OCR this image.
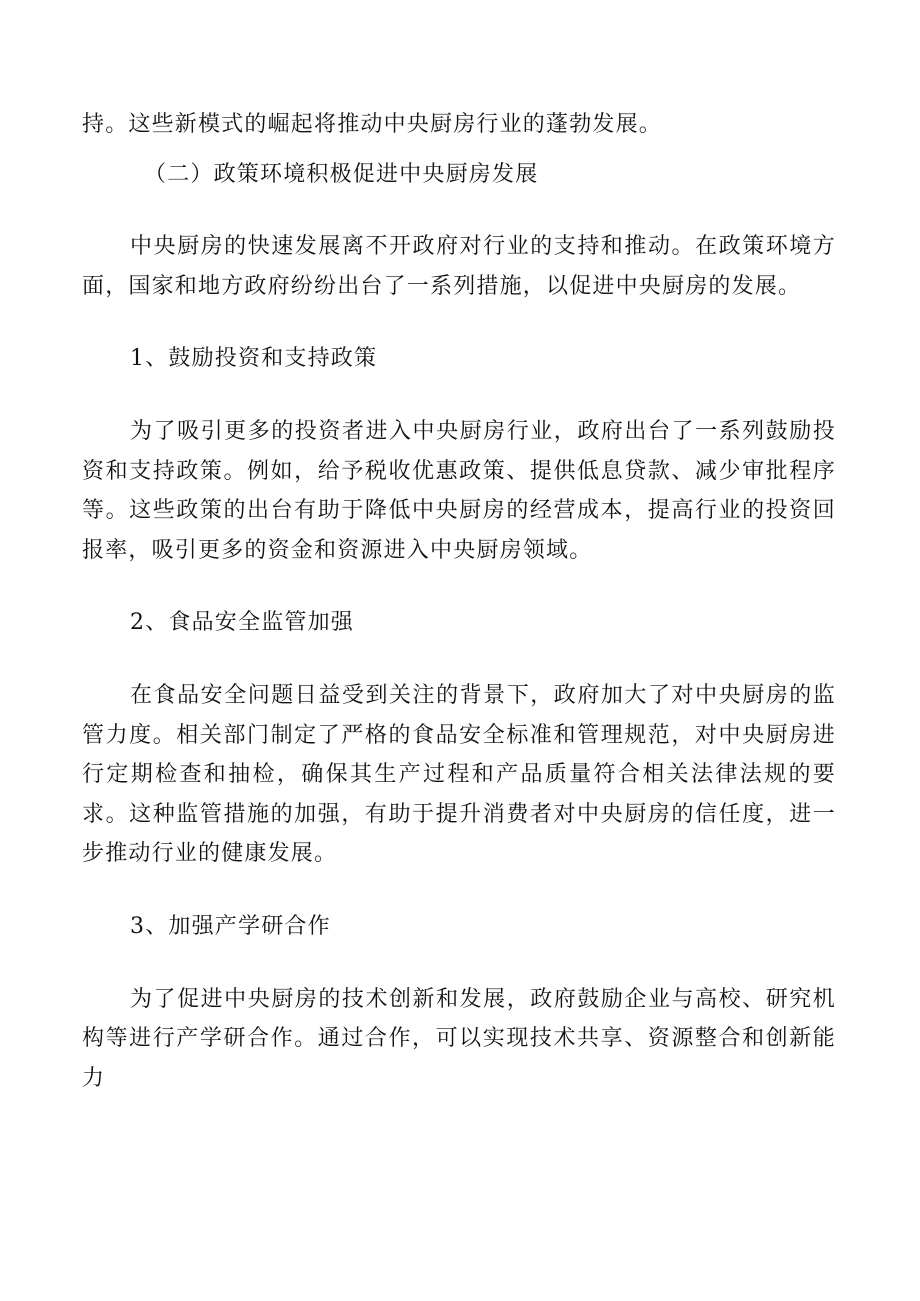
持。这些新模式的崛起将推动中央厨房行业的蓬勃发展。

（二）政策环境积极促进中央厨房发展

中央厨房的快速发展离不开政府对行业的支持和推动。在政策环境方面，国家和地方政府纷纷出台了一系列措施，以促进中央厨房的发展。

1、鼓励投资和支持政策

为了吸引更多的投资者进入中央厨房行业，政府出台了一系列鼓励投资和支持政策。例如，给予税收优惠政策、提供低息贷款、减少审批程序等。这些政策的出台有助于降低中央厨房的经营成本，提高行业的投资回报率，吸引更多的资金和资源进入中央厨房领域。

2、食品安全监管加强

在食品安全问题日益受到关注的背景下，政府加大了对中央厨房的监管力度。相关部门制定了严格的食品安全标准和管理规范，对中央厨房进行定期检查和抽检，确保其生产过程和产品质量符合相关法律法规的要求。这种监管措施的加强，有助于提升消费者对中央厨房的信任度，进一步推动行业的健康发展。

3、加强产学研合作

为了促进中央厨房的技术创新和发展，政府鼓励企业与高校、研究机构等进行产学研合作。通过合作，可以实现技术共享、资源整合和创新能力
